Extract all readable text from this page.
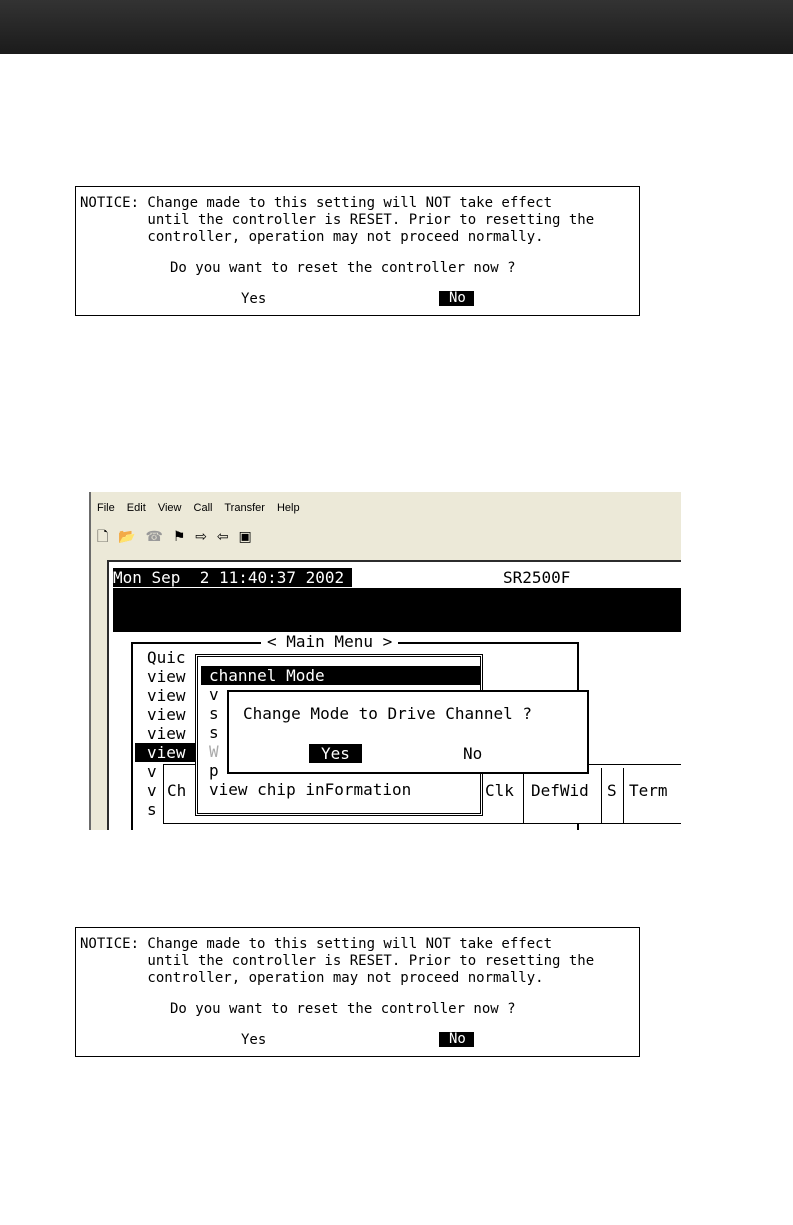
NOTICE: Change made to this setting will NOT take effect
until the controller is RESET. Prior to resetting the
controller, operation may not proceed normally.
Do you want to reset the controller now ?
Yes	No
File Edit View Call Transfer Help
🗋 📂 ☎ ⚑ ⇨ ⇦ ▣
Mon Sep  2 11:40:37 2002	SR2500F
< Main Menu >
Quic
view
view
view
view
view
v
v
s
Ch	Clk DefWid S Term
channel Mode
v
s
s
W
p
view chip inFormation
Change Mode to Drive Channel ?
Yes	No
NOTICE: Change made to this setting will NOT take effect
until the controller is RESET. Prior to resetting the
controller, operation may not proceed normally.
Do you want to reset the controller now ?
Yes	No
